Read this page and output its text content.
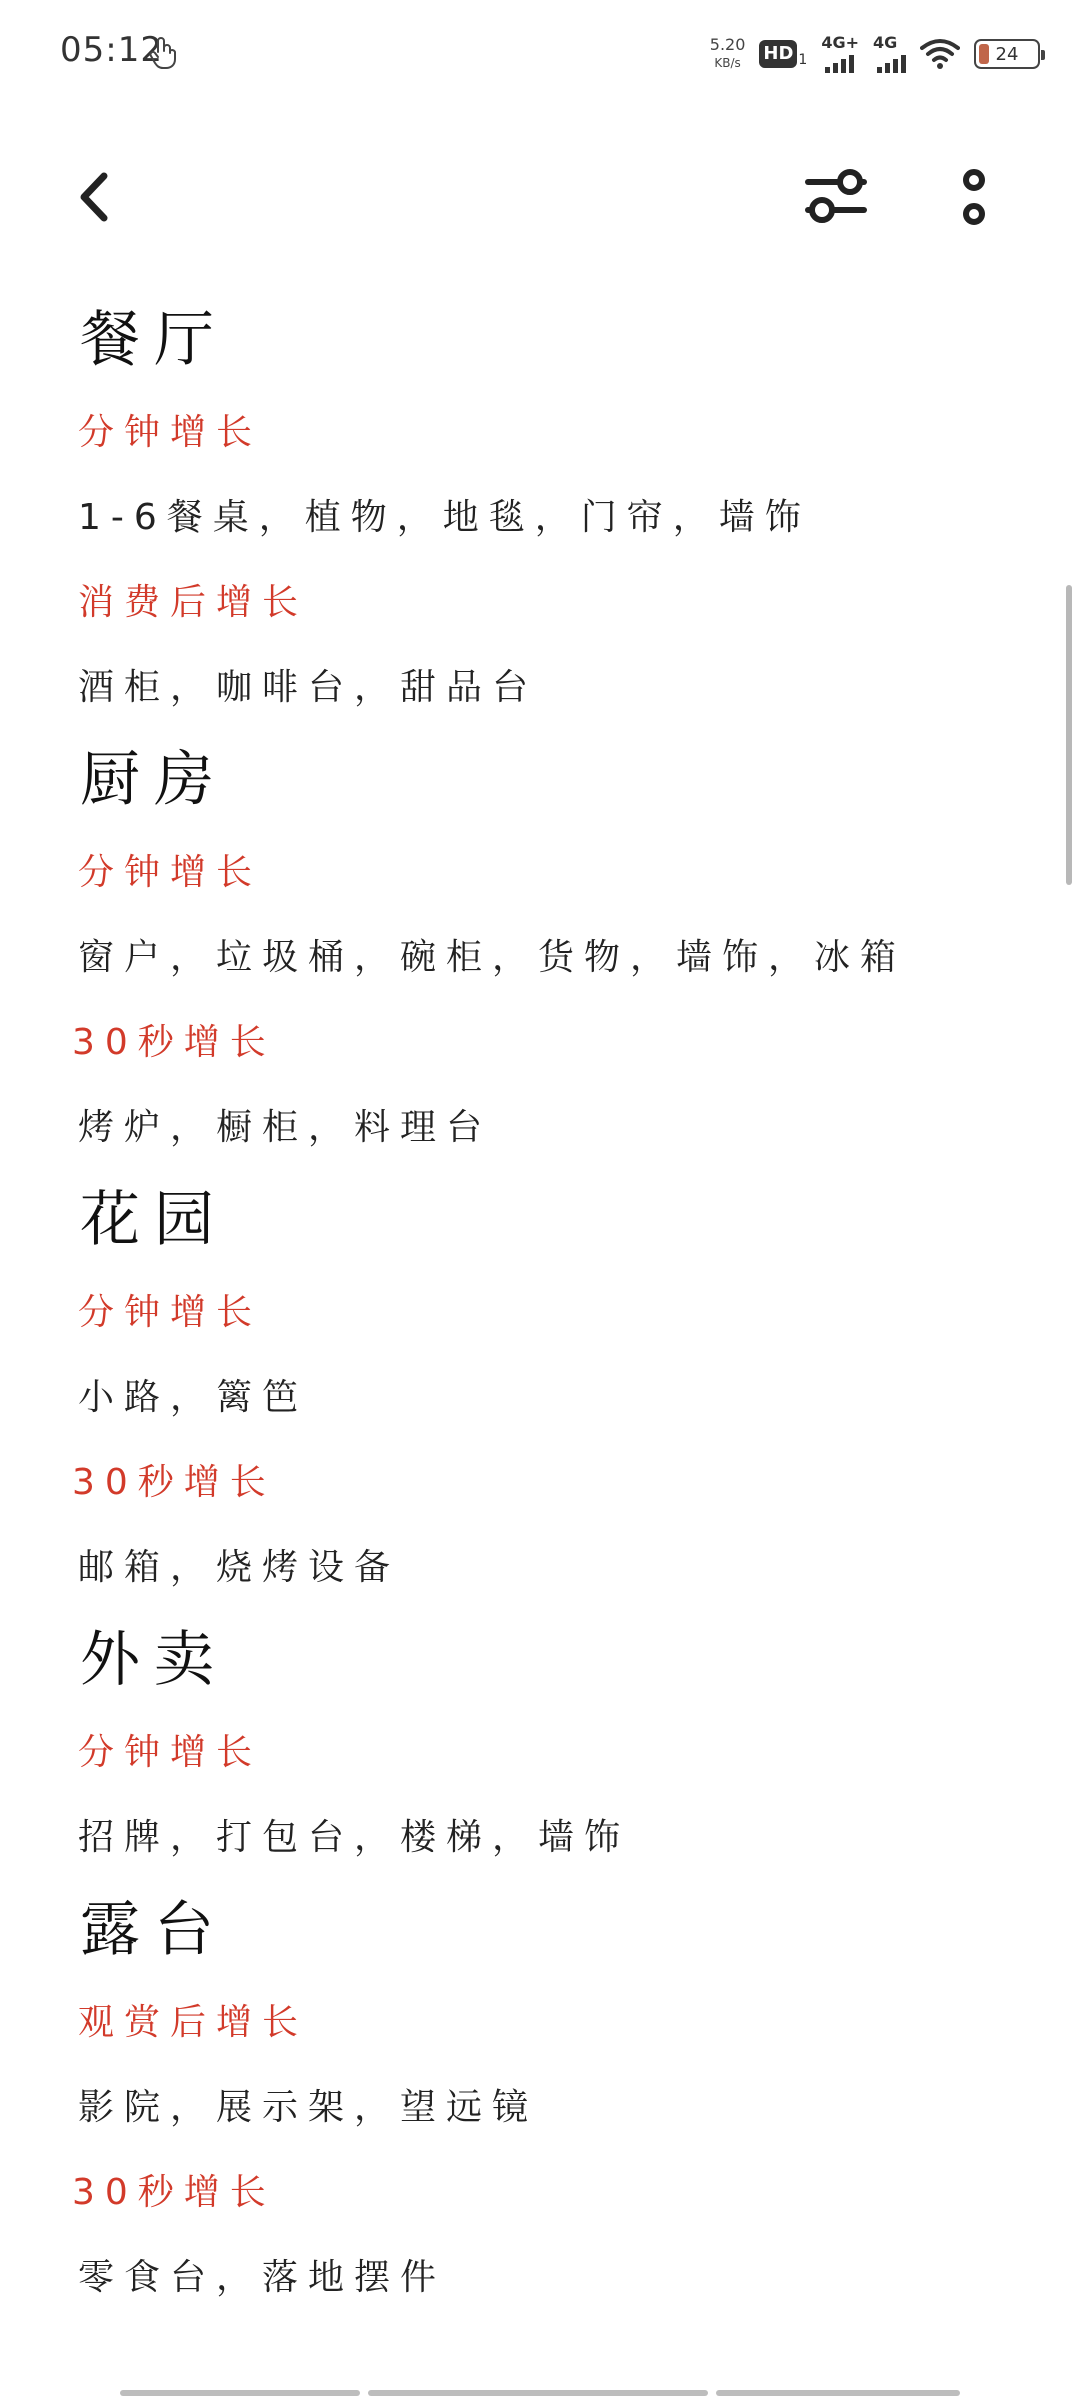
05:12	5.20
KB/s HD 1
4G+ 4G
24
餐厅
分钟增长
1-6餐桌，植物，地毯，门帘，墙饰
消费后增长
酒柜，咖啡台，甜品台
厨房
分钟增长
窗户，垃圾桶，碗柜，货物，墙饰，冰箱
30秒增长
烤炉，橱柜，料理台
花园
分钟增长
小路，篱笆
30秒增长
邮箱，烧烤设备
外卖
分钟增长
招牌，打包台，楼梯，墙饰
露台
观赏后增长
影院，展示架，望远镜
30秒增长
零食台，落地摆件
